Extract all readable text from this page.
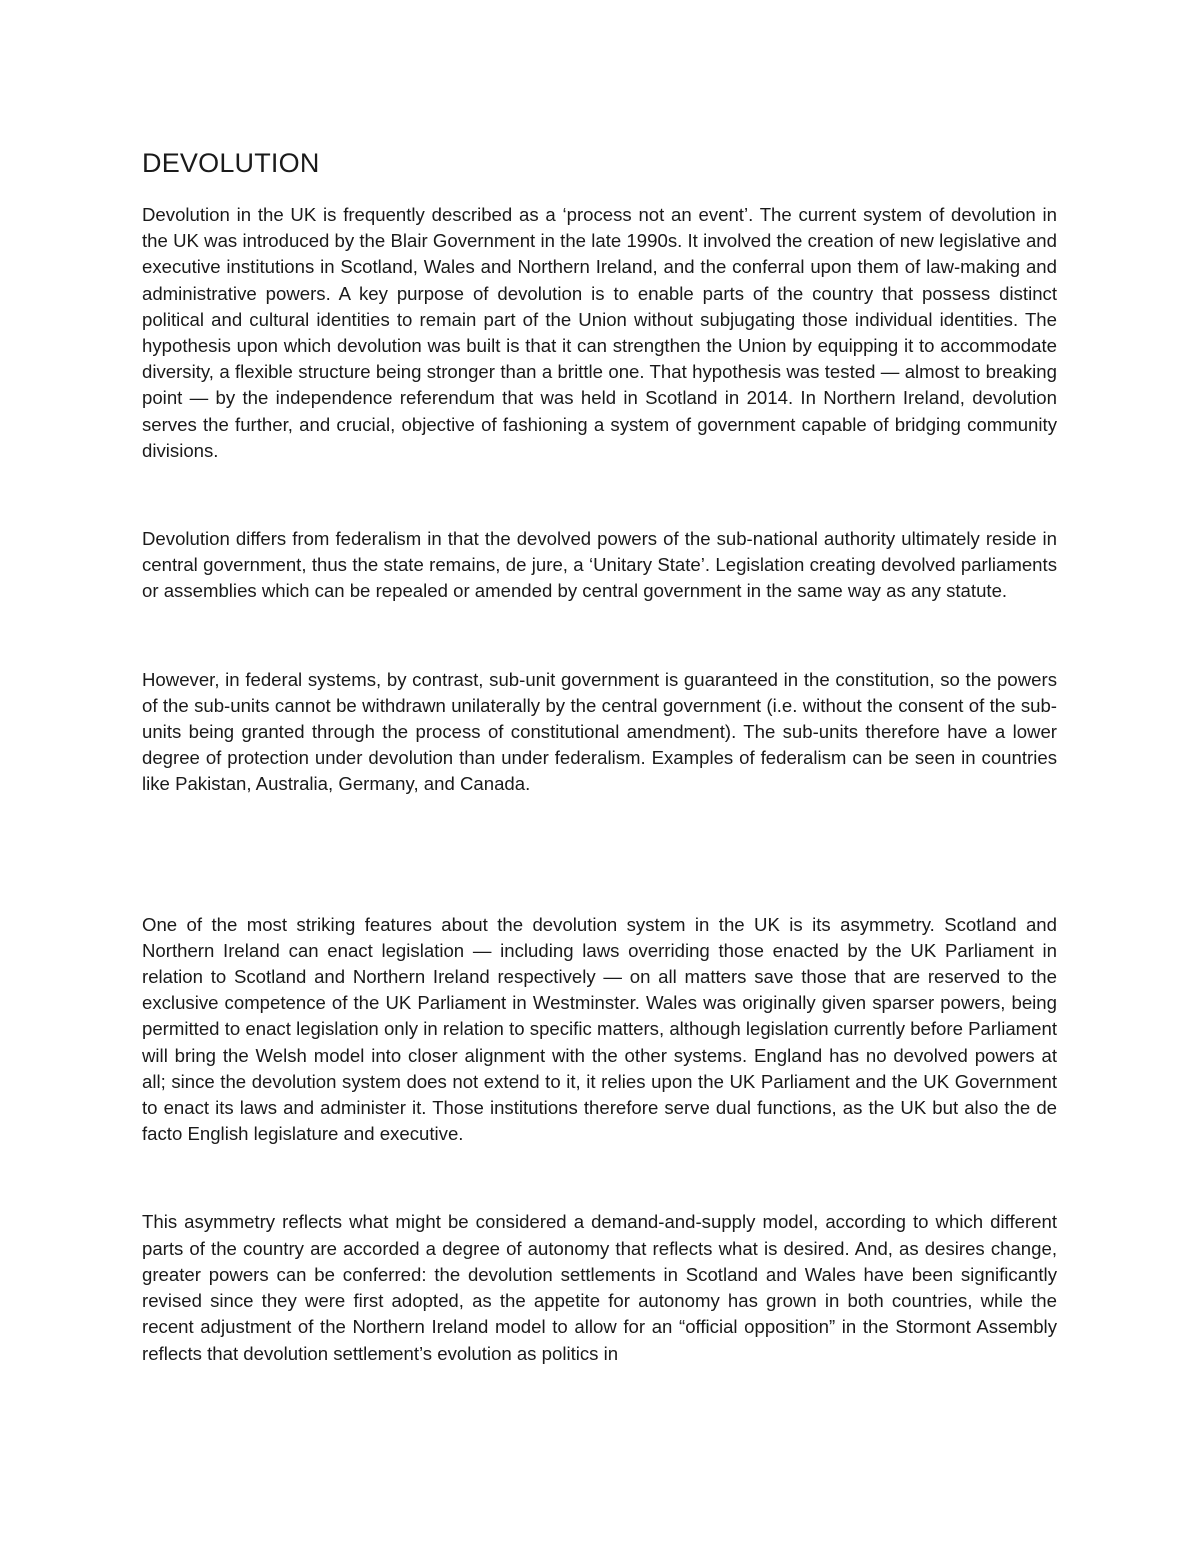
DEVOLUTION

Devolution in the UK is frequently described as a ‘process not an event’. The current system of devolution in the UK was introduced by the Blair Government in the late 1990s. It involved the creation of new legislative and executive institutions in Scotland, Wales and Northern Ireland, and the conferral upon them of law-making and administrative powers. A key purpose of devolution is to enable parts of the country that possess distinct political and cultural identities to remain part of the Union without subjugating those individual identities. The hypothesis upon which devolution was built is that it can strengthen the Union by equipping it to accommodate diversity, a flexible structure being stronger than a brittle one. That hypothesis was tested — almost to breaking point — by the independence referendum that was held in Scotland in 2014. In Northern Ireland, devolution serves the further, and crucial, objective of fashioning a system of government capable of bridging community divisions.

Devolution differs from federalism in that the devolved powers of the sub-national authority ultimately reside in central government, thus the state remains, de jure, a ‘Unitary State’. Legislation creating devolved parliaments or assemblies which can be repealed or amended by central government in the same way as any statute.

However, in federal systems, by contrast, sub-unit government is guaranteed in the constitution, so the powers of the sub-units cannot be withdrawn unilaterally by the central government (i.e. without the consent of the sub-units being granted through the process of constitutional amendment). The sub-units therefore have a lower degree of protection under devolution than under federalism. Examples of federalism can be seen in countries like Pakistan, Australia, Germany, and Canada.

One of the most striking features about the devolution system in the UK is its asymmetry. Scotland and Northern Ireland can enact legislation — including laws overriding those enacted by the UK Parliament in relation to Scotland and Northern Ireland respectively — on all matters save those that are reserved to the exclusive competence of the UK Parliament in Westminster. Wales was originally given sparser powers, being permitted to enact legislation only in relation to specific matters, although legislation currently before Parliament will bring the Welsh model into closer alignment with the other systems. England has no devolved powers at all; since the devolution system does not extend to it, it relies upon the UK Parliament and the UK Government to enact its laws and administer it. Those institutions therefore serve dual functions, as the UK but also the de facto English legislature and executive.

This asymmetry reflects what might be considered a demand-and-supply model, according to which different parts of the country are accorded a degree of autonomy that reflects what is desired. And, as desires change, greater powers can be conferred: the devolution settlements in Scotland and Wales have been significantly revised since they were first adopted, as the appetite for autonomy has grown in both countries, while the recent adjustment of the Northern Ireland model to allow for an “official opposition” in the Stormont Assembly reflects that devolution settlement’s evolution as politics in
